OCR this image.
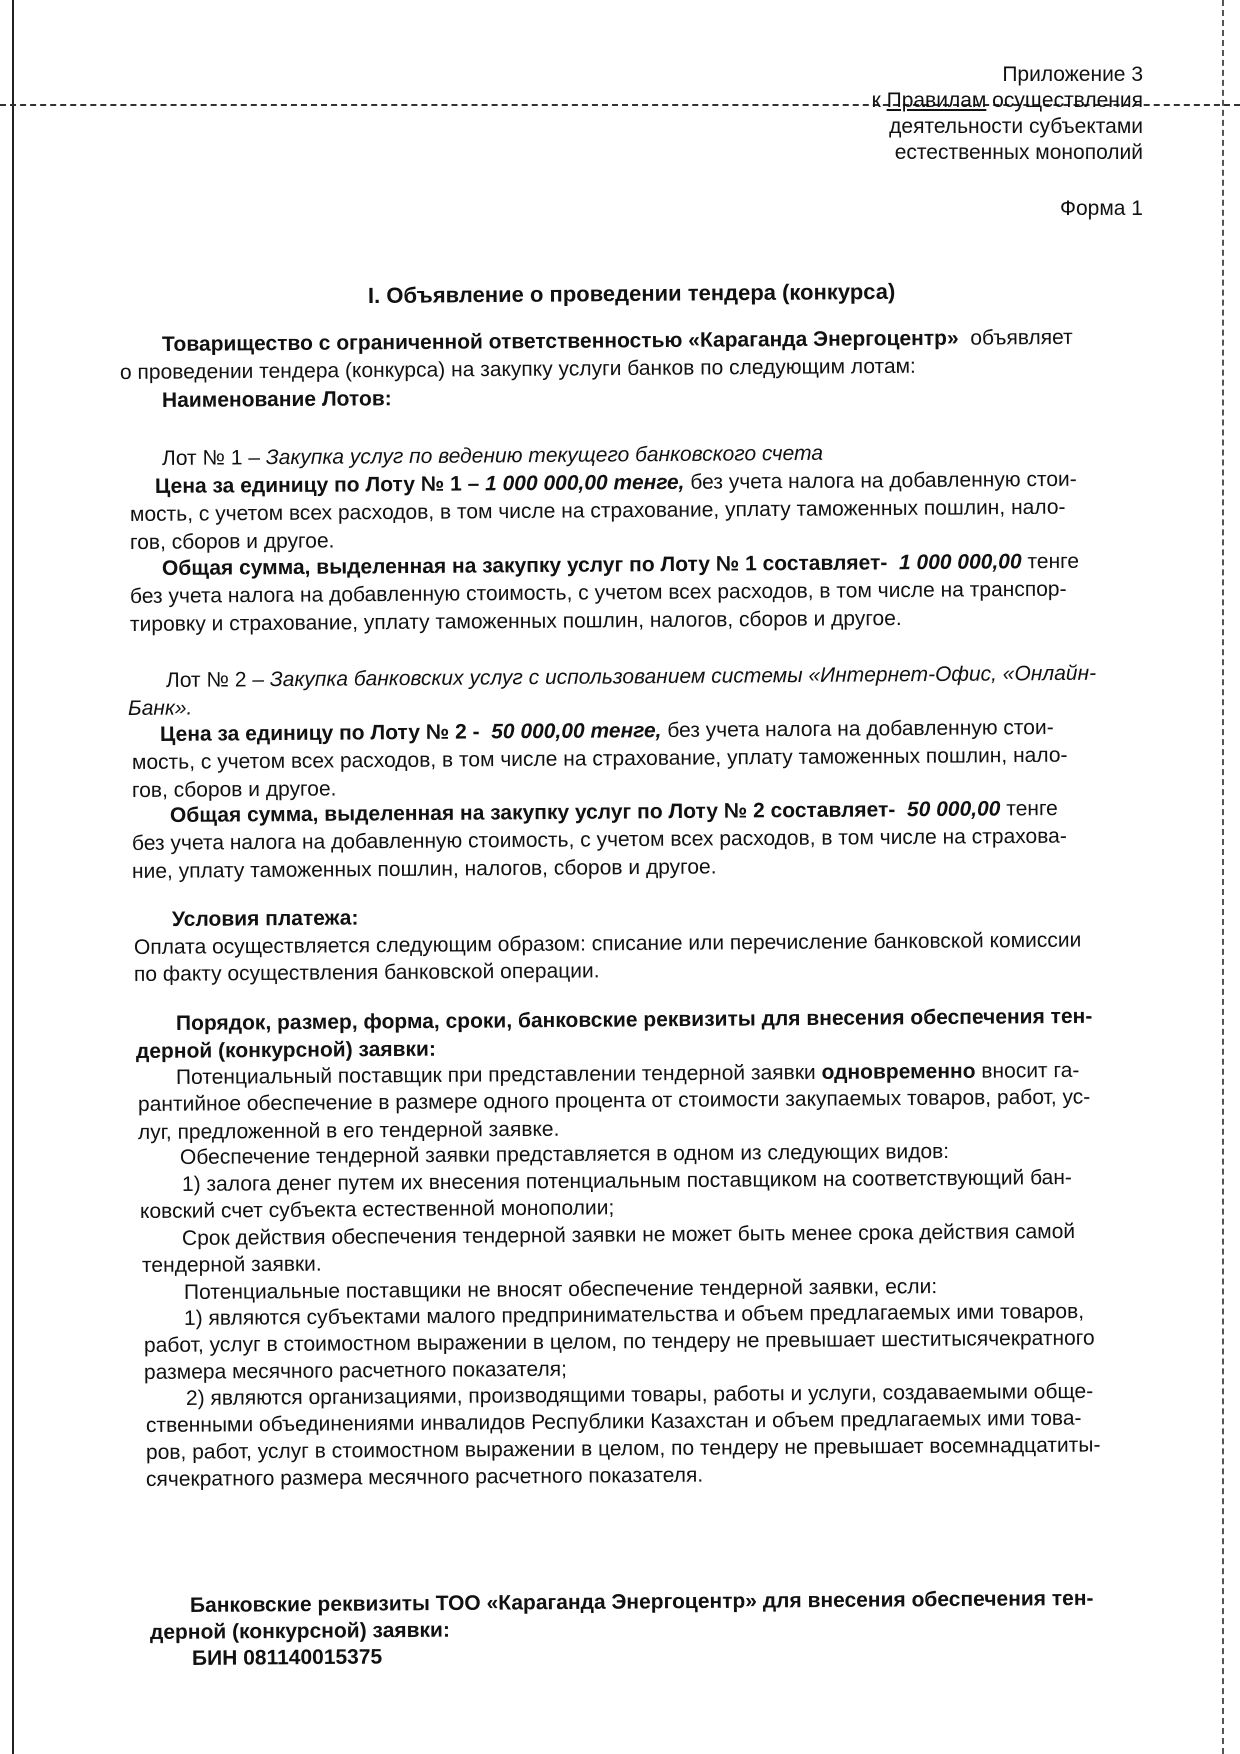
Приложение 3
к Правилам осуществления
деятельности субъектами
естественных монополий
Форма 1
I. Объявление о проведении тендера (конкурса)
Товарищество с ограниченной ответственностью «Караганда Энергоцентр» объявляет
о проведении тендера (конкурса) на закупку услуги банков по следующим лотам:
Наименование Лотов:
Лот № 1 – Закупка услуг по ведению текущего банковского счета
Цена за единицу по Лоту № 1 – 1 000 000,00 тенге, без учета налога на добавленную стои-
мость, с учетом всех расходов, в том числе на страхование, уплату таможенных пошлин, нало-
гов, сборов и другое.
Общая сумма, выделенная на закупку услуг по Лоту № 1 составляет- 1 000 000,00 тенге
без учета налога на добавленную стоимость, с учетом всех расходов, в том числе на транспор-
тировку и страхование, уплату таможенных пошлин, налогов, сборов и другое.
Лот № 2 – Закупка банковских услуг с использованием системы «Интернет-Офис, «Онлайн-
Банк».
Цена за единицу по Лоту № 2 - 50 000,00 тенге, без учета налога на добавленную стои-
мость, с учетом всех расходов, в том числе на страхование, уплату таможенных пошлин, нало-
гов, сборов и другое.
Общая сумма, выделенная на закупку услуг по Лоту № 2 составляет- 50 000,00 тенге
без учета налога на добавленную стоимость, с учетом всех расходов, в том числе на страхова-
ние, уплату таможенных пошлин, налогов, сборов и другое.
Условия платежа:
Оплата осуществляется следующим образом: списание или перечисление банковской комиссии
по факту осуществления банковской операции.
Порядок, размер, форма, сроки, банковские реквизиты для внесения обеспечения тен-
дерной (конкурсной) заявки:
Потенциальный поставщик при представлении тендерной заявки одновременно вносит га-
рантийное обеспечение в размере одного процента от стоимости закупаемых товаров, работ, ус-
луг, предложенной в его тендерной заявке.
Обеспечение тендерной заявки представляется в одном из следующих видов:
1) залога денег путем их внесения потенциальным поставщиком на соответствующий бан-
ковский счет субъекта естественной монополии;
Срок действия обеспечения тендерной заявки не может быть менее срока действия самой
тендерной заявки.
Потенциальные поставщики не вносят обеспечение тендерной заявки, если:
1) являются субъектами малого предпринимательства и объем предлагаемых ими товаров,
работ, услуг в стоимостном выражении в целом, по тендеру не превышает шеститысячекратного
размера месячного расчетного показателя;
2) являются организациями, производящими товары, работы и услуги, создаваемыми обще-
ственными объединениями инвалидов Республики Казахстан и объем предлагаемых ими това-
ров, работ, услуг в стоимостном выражении в целом, по тендеру не превышает восемнадцатиты-
сячекратного размера месячного расчетного показателя.
Банковские реквизиты ТОО «Караганда Энергоцентр» для внесения обеспечения тен-
дерной (конкурсной) заявки:
БИН 081140015375
